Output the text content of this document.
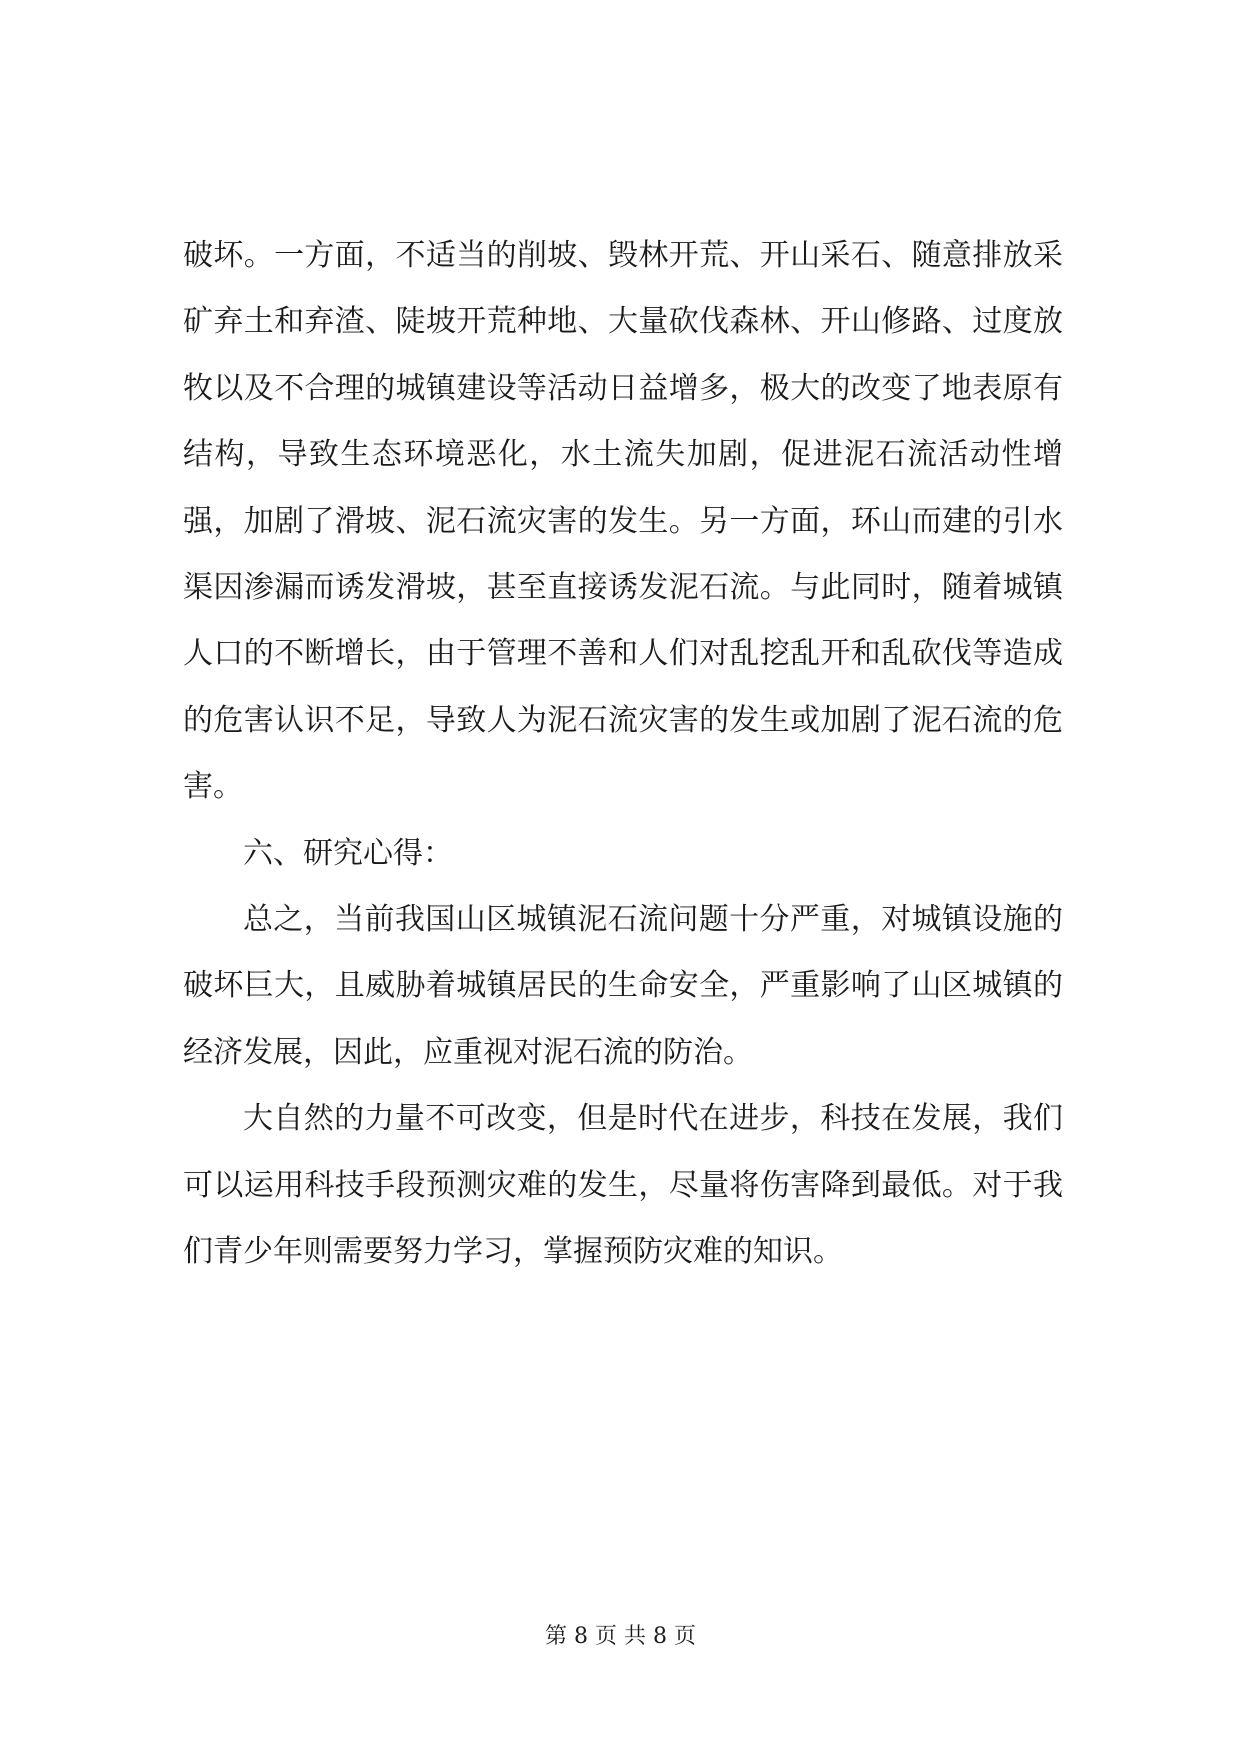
破坏。一方面，不适当的削坡、毁林开荒、开山采石、随意排放采矿弃土和弃渣、陡坡开荒种地、大量砍伐森林、开山修路、过度放牧以及不合理的城镇建设等活动日益增多，极大的改变了地表原有结构，导致生态环境恶化，水土流失加剧，促进泥石流活动性增强，加剧了滑坡、泥石流灾害的发生。另一方面，环山而建的引水渠因渗漏而诱发滑坡，甚至直接诱发泥石流。与此同时，随着城镇人口的不断增长，由于管理不善和人们对乱挖乱开和乱砍伐等造成的危害认识不足，导致人为泥石流灾害的发生或加剧了泥石流的危害。

六、研究心得：

总之，当前我国山区城镇泥石流问题十分严重，对城镇设施的破坏巨大，且威胁着城镇居民的生命安全，严重影响了山区城镇的经济发展，因此，应重视对泥石流的防治。

大自然的力量不可改变，但是时代在进步，科技在发展，我们可以运用科技手段预测灾难的发生，尽量将伤害降到最低。对于我们青少年则需要努力学习，掌握预防灾难的知识。

第 8 页 共 8 页
